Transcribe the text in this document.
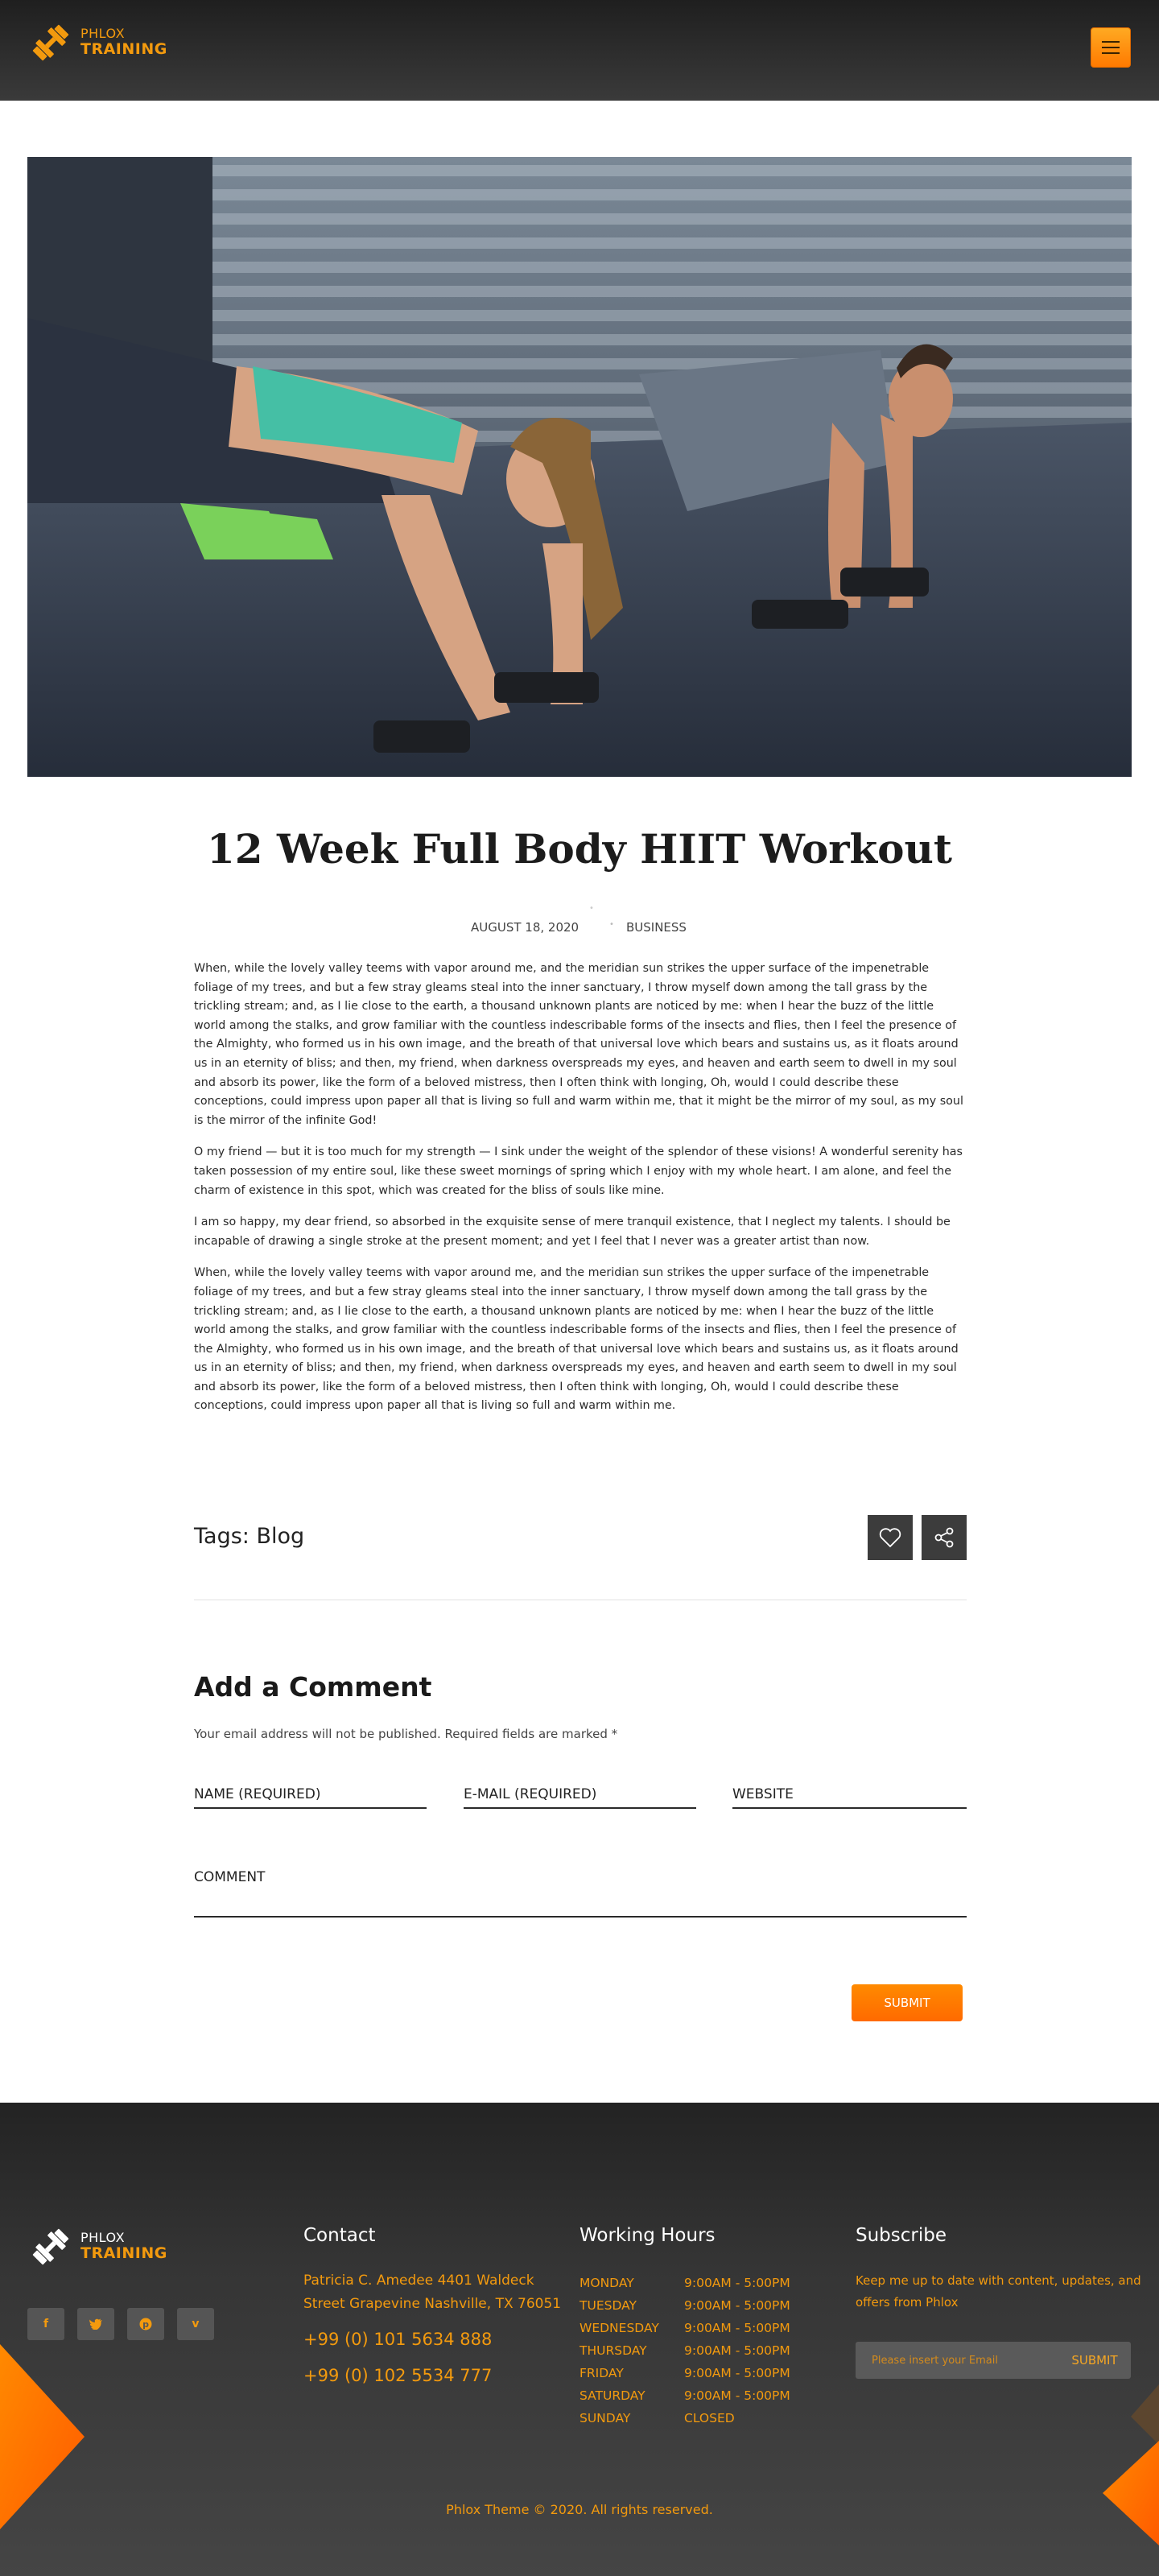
PHLOX
TRAINING
12 Week Full Body HIIT Workout
•
AUGUST 18, 2020	• BUSINESS

When, while the lovely valley teems with vapor around me, and the meridian sun strikes the upper surface of the impenetrable foliage of my trees, and but a few stray gleams steal into the inner sanctuary, I throw myself down among the tall grass by the trickling stream; and, as I lie close to the earth, a thousand unknown plants are noticed by me: when I hear the buzz of the little world among the stalks, and grow familiar with the countless indescribable forms of the insects and flies, then I feel the presence of the Almighty, who formed us in his own image, and the breath of that universal love which bears and sustains us, as it floats around us in an eternity of bliss; and then, my friend, when darkness overspreads my eyes, and heaven and earth seem to dwell in my soul and absorb its power, like the form of a beloved mistress, then I often think with longing, Oh, would I could describe these conceptions, could impress upon paper all that is living so full and warm within me, that it might be the mirror of my soul, as my soul is the mirror of the infinite God!

O my friend — but it is too much for my strength — I sink under the weight of the splendor of these visions! A wonderful serenity has taken possession of my entire soul, like these sweet mornings of spring which I enjoy with my whole heart. I am alone, and feel the charm of existence in this spot, which was created for the bliss of souls like mine.

I am so happy, my dear friend, so absorbed in the exquisite sense of mere tranquil existence, that I neglect my talents. I should be incapable of drawing a single stroke at the present moment; and yet I feel that I never was a greater artist than now.

When, while the lovely valley teems with vapor around me, and the meridian sun strikes the upper surface of the impenetrable foliage of my trees, and but a few stray gleams steal into the inner sanctuary, I throw myself down among the tall grass by the trickling stream; and, as I lie close to the earth, a thousand unknown plants are noticed by me: when I hear the buzz of the little world among the stalks, and grow familiar with the countless indescribable forms of the insects and flies, then I feel the presence of the Almighty, who formed us in his own image, and the breath of that universal love which bears and sustains us, as it floats around us in an eternity of bliss; and then, my friend, when darkness overspreads my eyes, and heaven and earth seem to dwell in my soul and absorb its power, like the form of a beloved mistress, then I often think with longing, Oh, would I could describe these conceptions, could impress upon paper all that is living so full and warm within me.

Tags: Blog
Add a Comment

Your email address will not be published. Required fields are marked *

NAME (REQUIRED)
E-MAIL (REQUIRED)
WEBSITE
COMMENT
SUBMIT
PHLOX
TRAINING
f	p	v
Contact
Patricia C. Amedee 4401 Waldeck
Street Grapevine Nashville, TX 76051
+99 (0) 101 5634 888
+99 (0) 102 5534 777
Working Hours
MONDAY	9:00AM - 5:00PM
TUESDAY	9:00AM - 5:00PM
WEDNESDAY	9:00AM - 5:00PM
THURSDAY	9:00AM - 5:00PM
FRIDAY	9:00AM - 5:00PM
SATURDAY	9:00AM - 5:00PM
SUNDAY	CLOSED
Subscribe

Keep me up to date with content, updates, and offers from Phlox

Please insert your Email
SUBMIT
Phlox Theme © 2020. All rights reserved.
